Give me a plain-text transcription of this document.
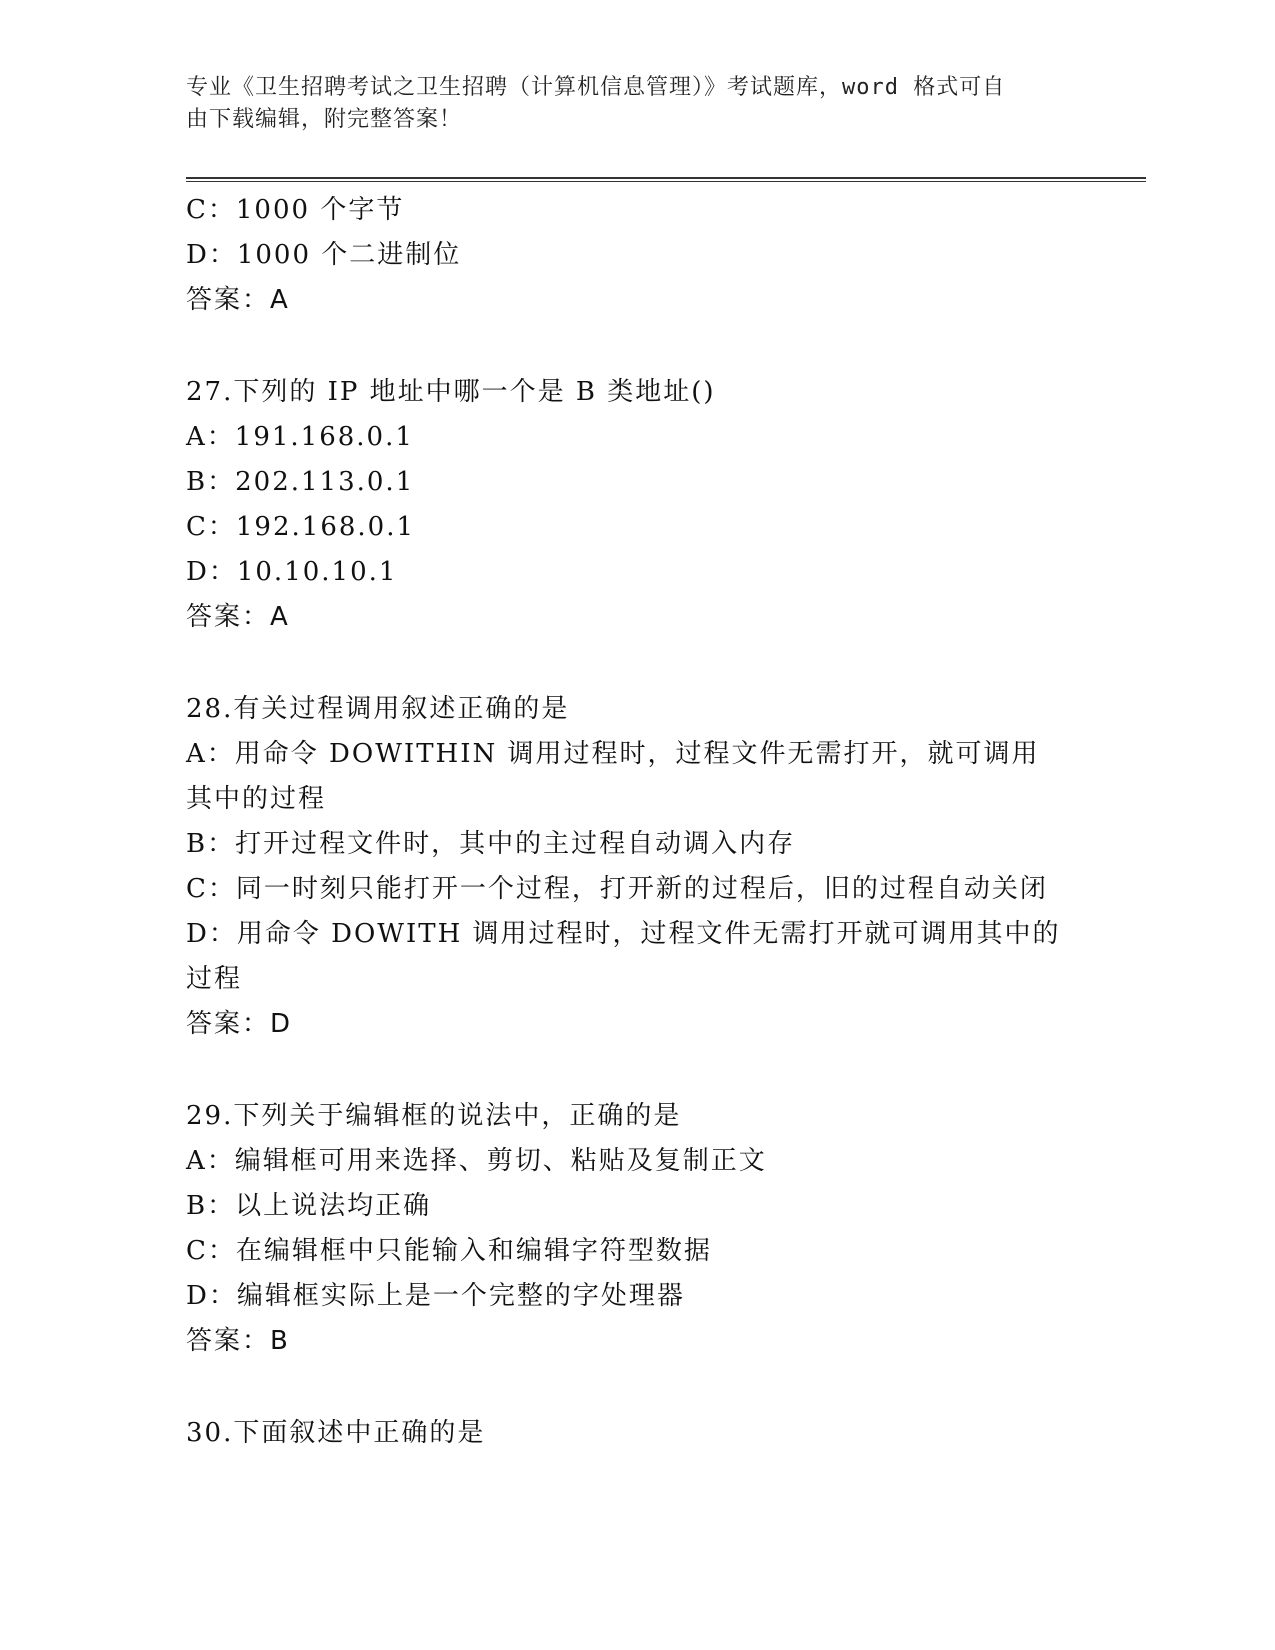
专业《卫生招聘考试之卫生招聘（计算机信息管理）》考试题库，word 格式可自
由下载编辑，附完整答案！
C：1000 个字节
D：1000 个二进制位
答案：A
27.下列的 IP 地址中哪一个是 B 类地址()
A：191.168.0.1
B：202.113.0.1
C：192.168.0.1
D：10.10.10.1
答案：A
28.有关过程调用叙述正确的是
A：用命令 DOWITHIN 调用过程时，过程文件无需打开，就可调用其中的过程
B：打开过程文件时，其中的主过程自动调入内存
C：同一时刻只能打开一个过程，打开新的过程后，旧的过程自动关闭
D：用命令 DOWITH 调用过程时，过程文件无需打开就可调用其中的过程
答案：D
29.下列关于编辑框的说法中，正确的是
A：编辑框可用来选择、剪切、粘贴及复制正文
B：以上说法均正确
C：在编辑框中只能输入和编辑字符型数据
D：编辑框实际上是一个完整的字处理器
答案：B
30.下面叙述中正确的是
